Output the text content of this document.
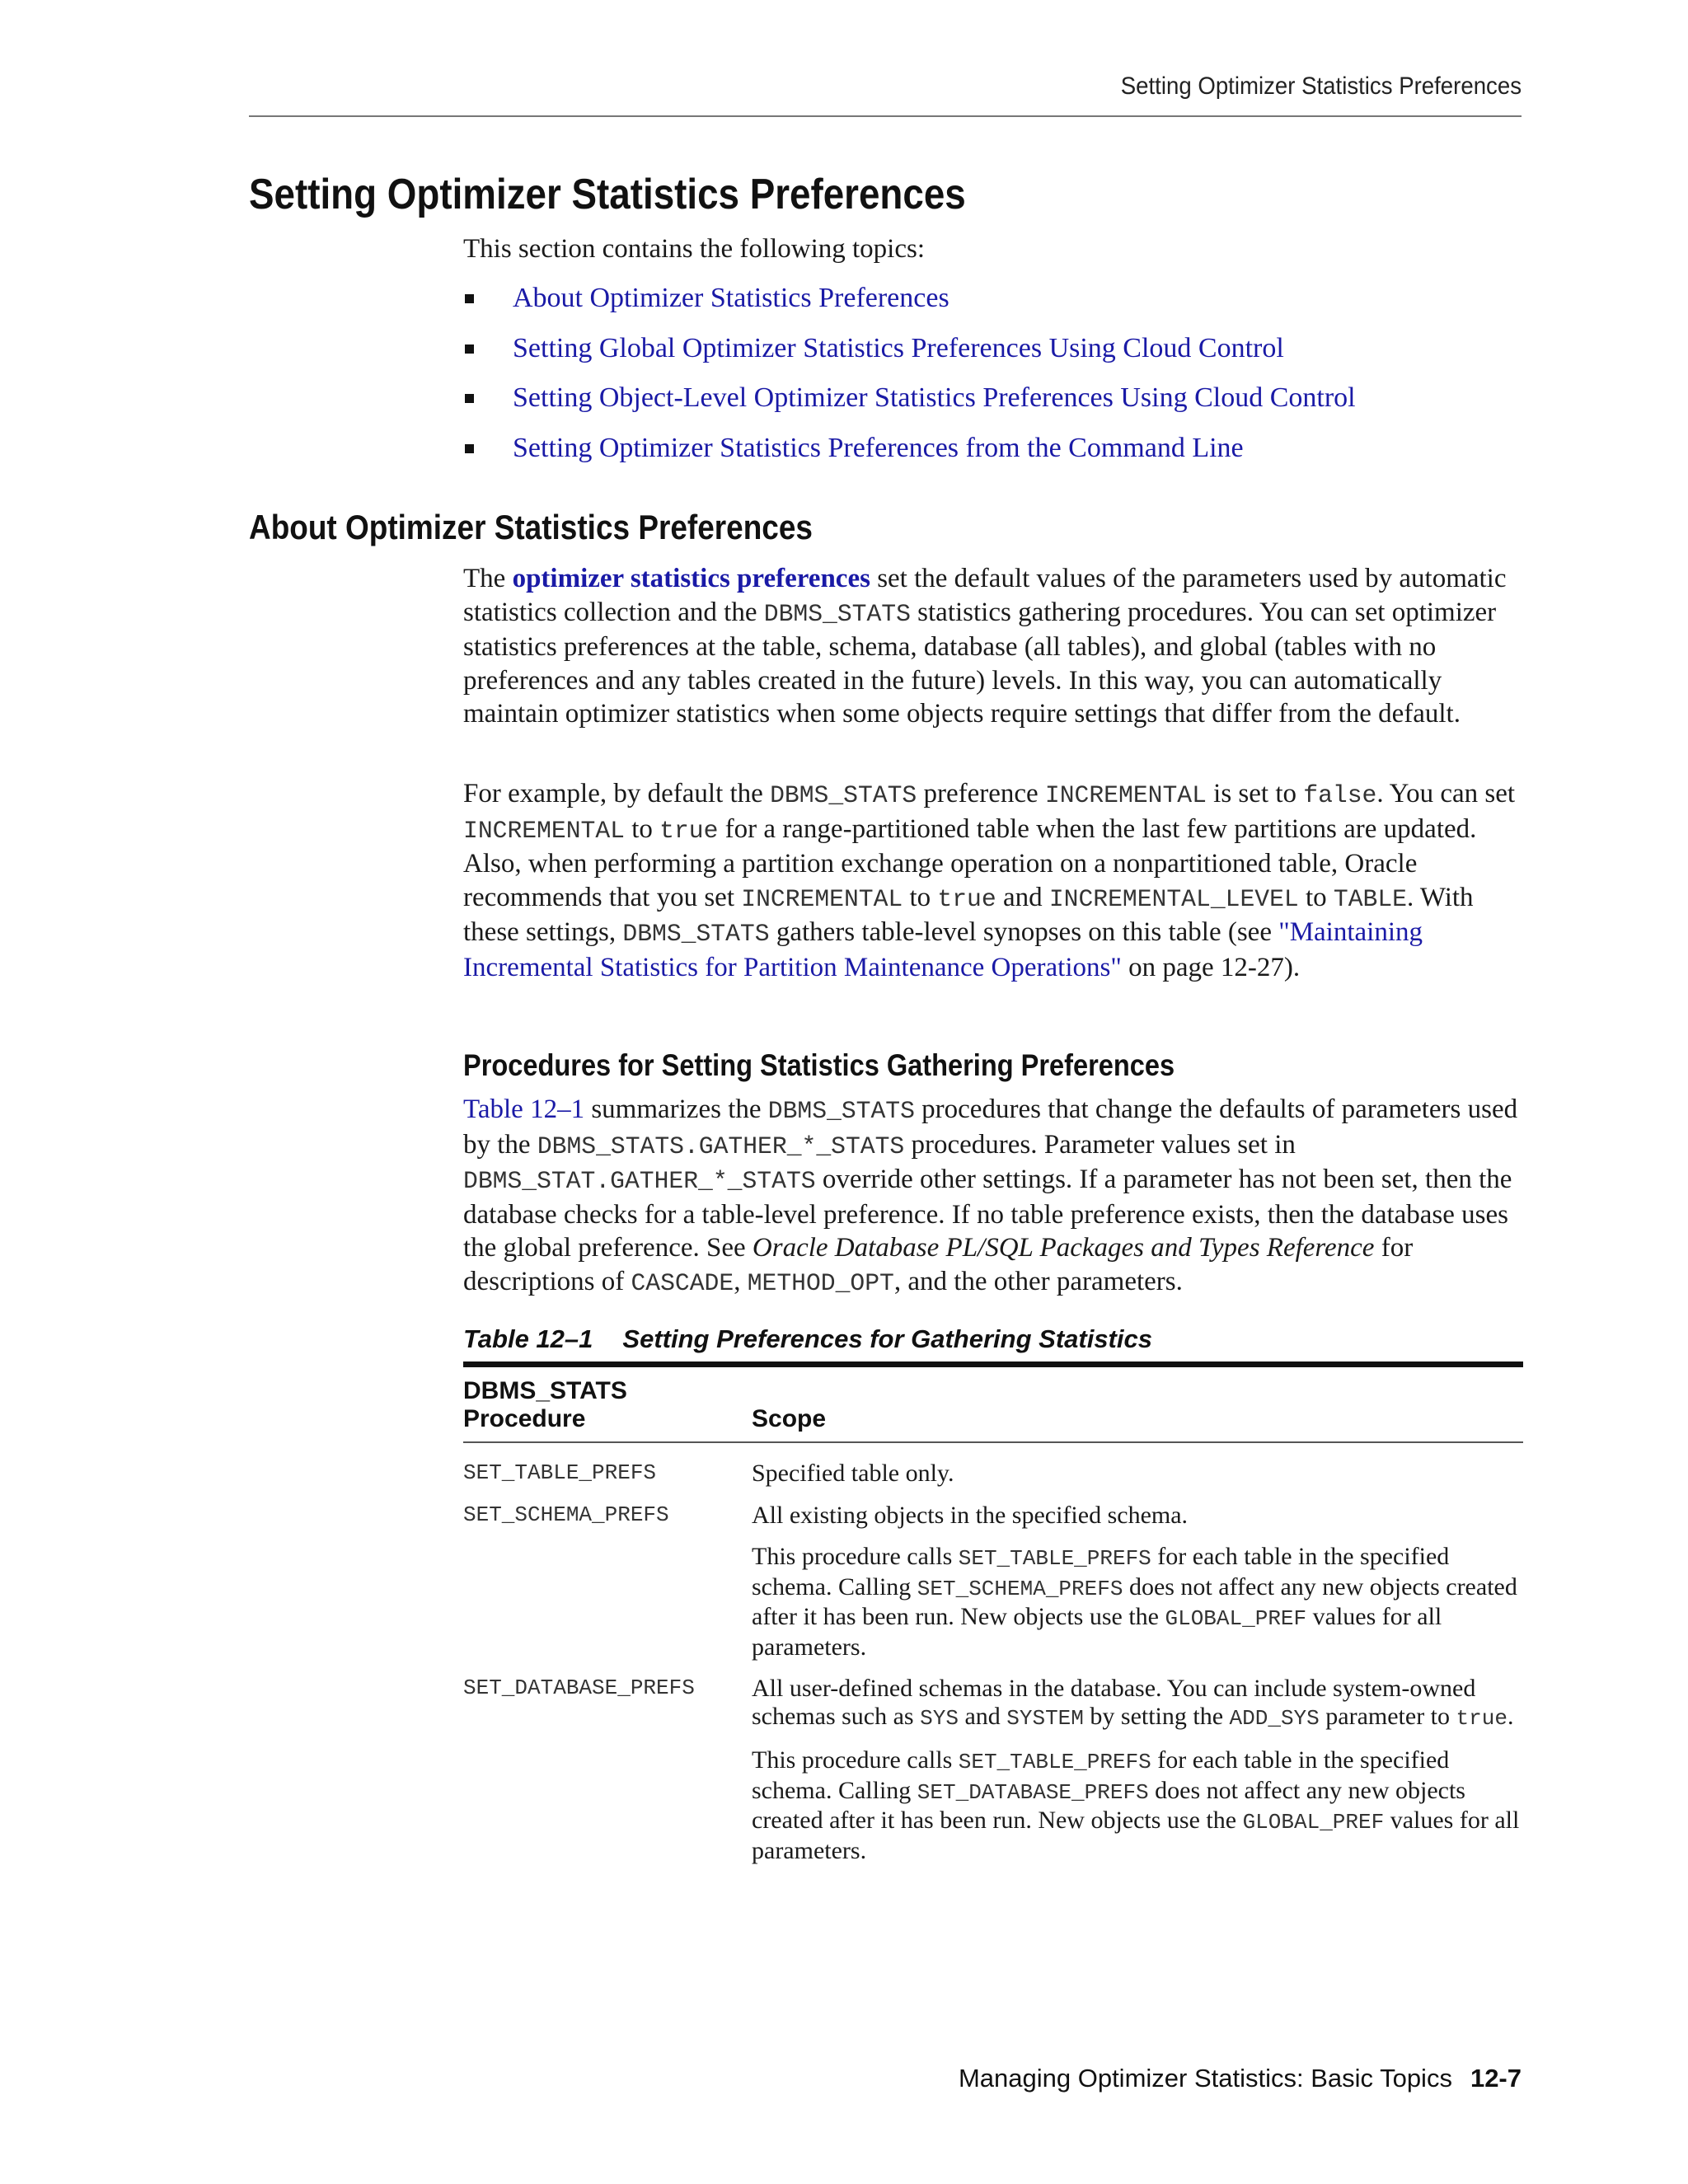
Setting Optimizer Statistics Preferences
Setting Optimizer Statistics Preferences
This section contains the following topics:
About Optimizer Statistics Preferences
Setting Global Optimizer Statistics Preferences Using Cloud Control
Setting Object-Level Optimizer Statistics Preferences Using Cloud Control
Setting Optimizer Statistics Preferences from the Command Line
About Optimizer Statistics Preferences

The optimizer statistics preferences set the default values of the parameters used by automatic statistics collection and the DBMS_STATS statistics gathering procedures. You can set optimizer statistics preferences at the table, schema, database (all tables), and global (tables with no preferences and any tables created in the future) levels. In this way, you can automatically maintain optimizer statistics when some objects require settings that differ from the default.

For example, by default the DBMS_STATS preference INCREMENTAL is set to false. You can set INCREMENTAL to true for a range-partitioned table when the last few partitions are updated. Also, when performing a partition exchange operation on a nonpartitioned table, Oracle recommends that you set INCREMENTAL to true and INCREMENTAL_LEVEL to TABLE. With these settings, DBMS_STATS gathers table-level synopses on this table (see "Maintaining Incremental Statistics for Partition Maintenance Operations" on page 12-27).

Procedures for Setting Statistics Gathering Preferences

Table 12–1 summarizes the DBMS_STATS procedures that change the defaults of parameters used by the DBMS_STATS.GATHER_*_STATS procedures. Parameter values set in DBMS_STAT.GATHER_*_STATS override other settings. If a parameter has not been set, then the database checks for a table-level preference. If no table preference exists, then the database uses the global preference. See Oracle Database PL/SQL Packages and Types Reference for descriptions of CASCADE, METHOD_OPT, and the other parameters.

Table 12–1 Setting Preferences for Gathering Statistics
DBMS_STATS
Procedure	Scope
SET_TABLE_PREFS	Specified table only.

SET_SCHEMA_PREFS	All existing objects in the specified schema.

This procedure calls SET_TABLE_PREFS for each table in the specified schema. Calling SET_SCHEMA_PREFS does not affect any new objects created after it has been run. New objects use the GLOBAL_PREF values for all parameters.

SET_DATABASE_PREFS	All user-defined schemas in the database. You can include system-owned schemas such as SYS and SYSTEM by setting the ADD_SYS parameter to true.

This procedure calls SET_TABLE_PREFS for each table in the specified schema. Calling SET_DATABASE_PREFS does not affect any new objects created after it has been run. New objects use the GLOBAL_PREF values for all parameters.

Managing Optimizer Statistics: Basic Topics 12-7
